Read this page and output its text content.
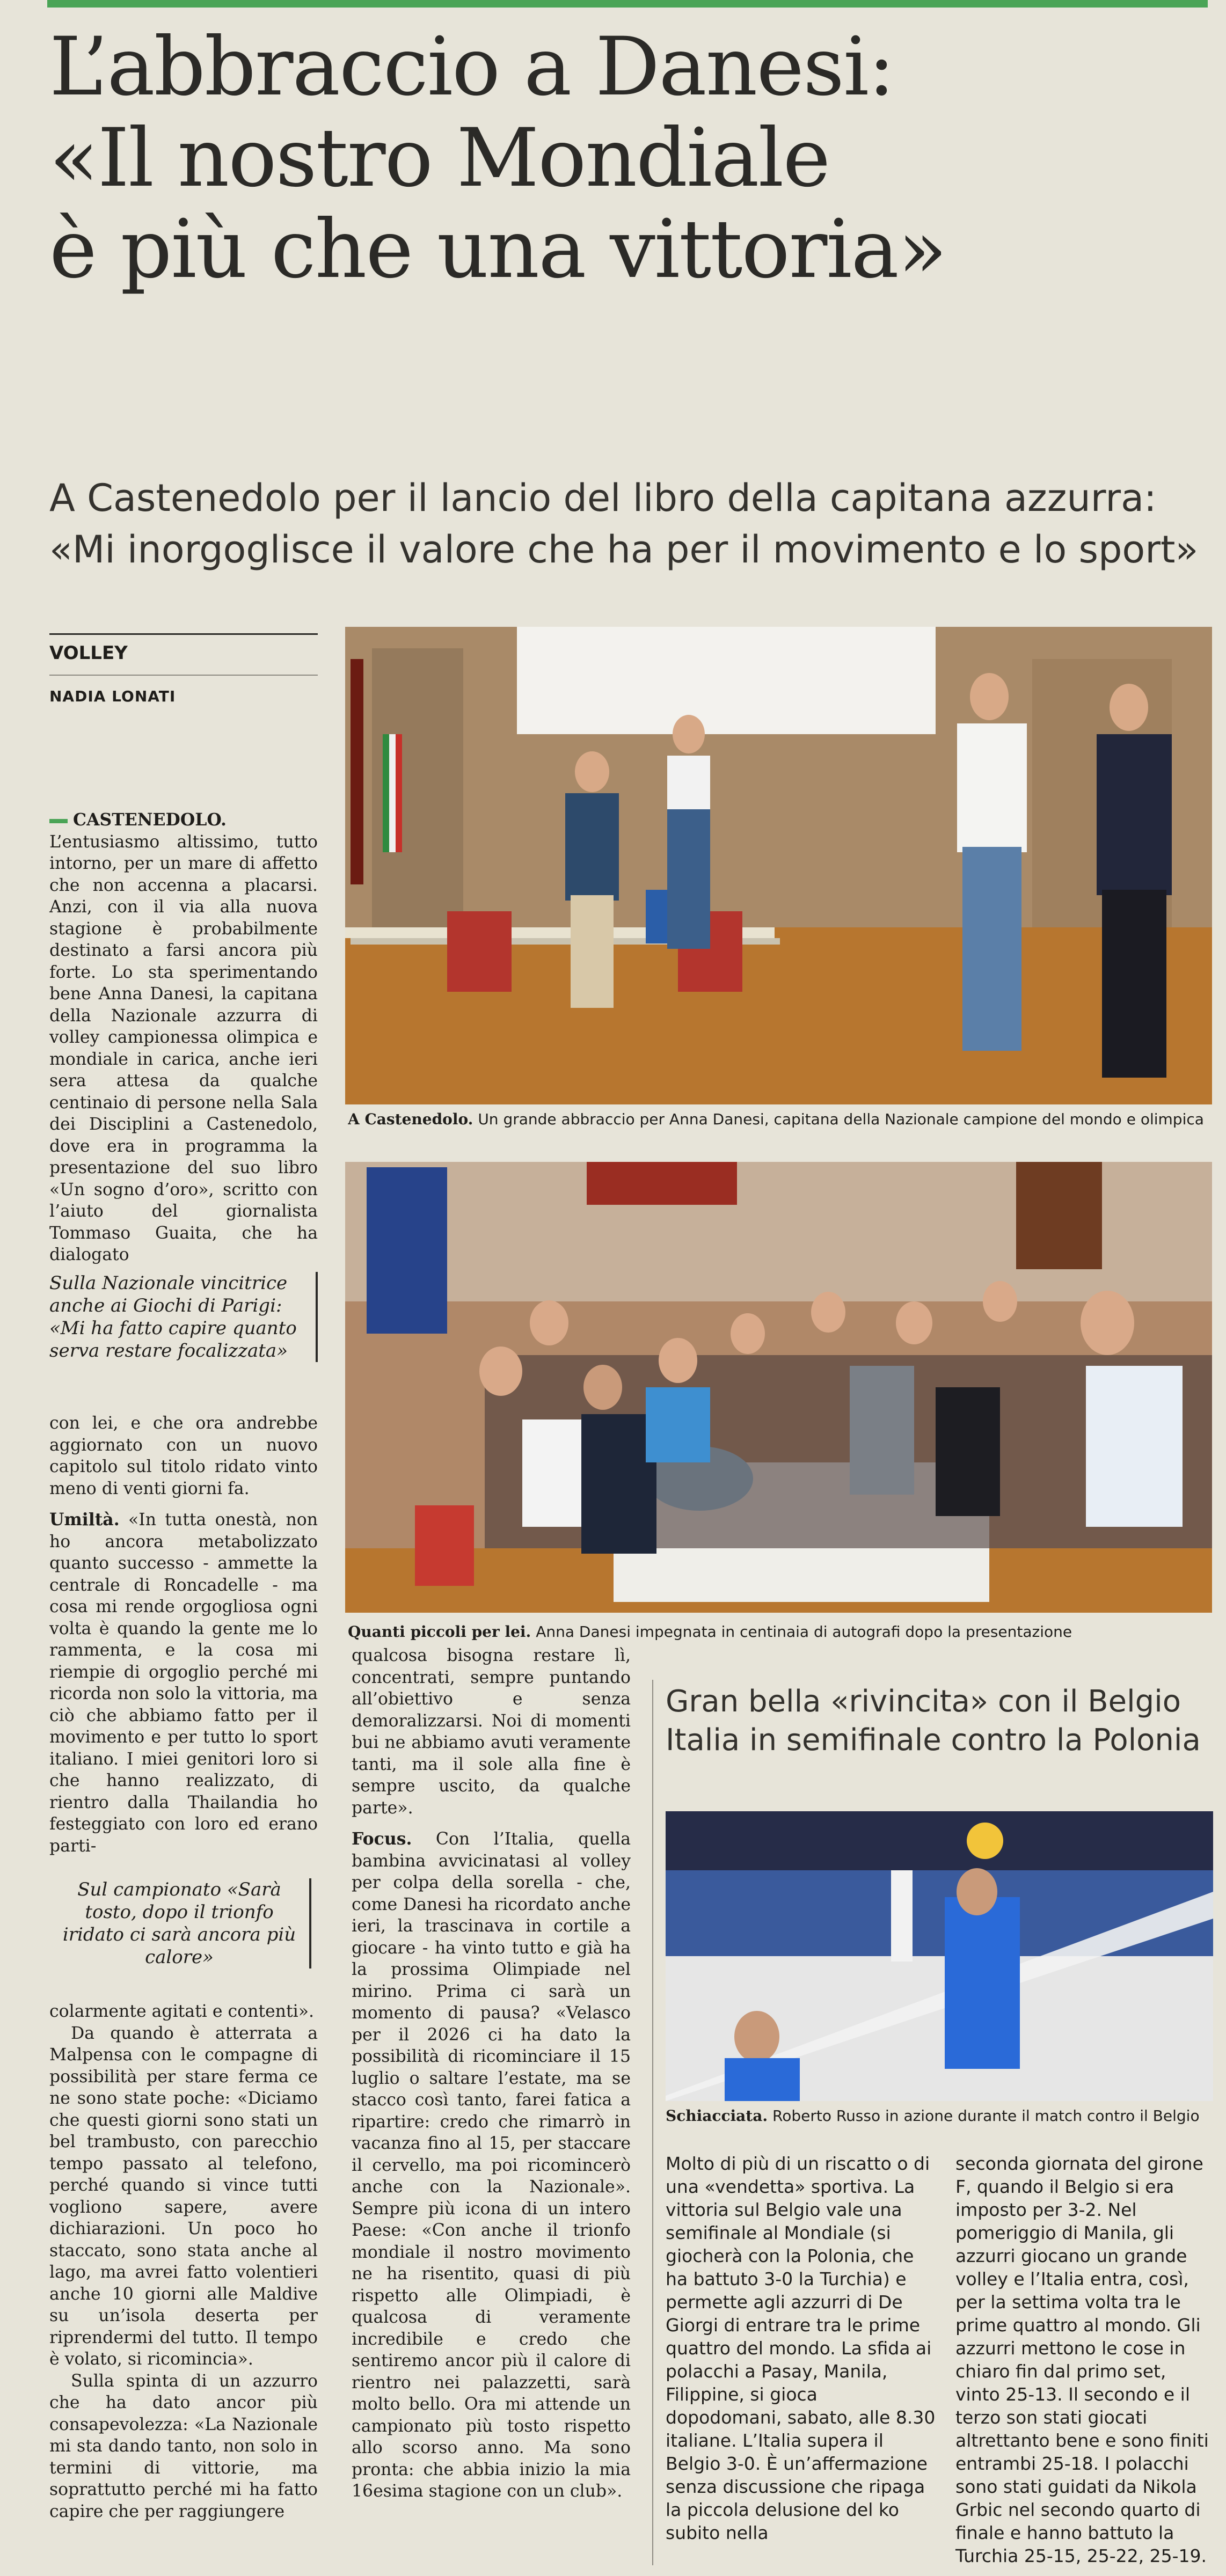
L’abbraccio a Danesi:
«Il nostro Mondiale
è più che una vittoria»
A Castenedolo per il lancio del libro della capitana azzurra:
«Mi inorgoglisce il valore che ha per il movimento e lo sport»
VOLLEY
NADIA LONATI

CASTENEDOLO. L’entusiasmo altissimo, tutto intorno, per un mare di affetto che non accenna a placarsi. Anzi, con il via alla nuova stagione è probabilmente destinato a farsi ancora più forte. Lo sta sperimentando bene Anna Danesi, la capitana della Nazionale azzurra di volley campionessa olimpica e mondiale in carica, anche ieri sera attesa da qualche centinaio di persone nella Sala dei Disciplini a Castenedolo, dove era in programma la presentazione del suo libro «Un sogno d’oro», scritto con l’aiuto del giornalista Tommaso Guaita, che ha dialogato

Sulla Nazionale vincitrice anche ai Giochi di Parigi: «Mi ha fatto capire quanto serva restare focalizzata»

con lei, e che ora andrebbe aggiornato con un nuovo capitolo sul titolo ridato vinto meno di venti giorni fa.

Umiltà. «In tutta onestà, non ho ancora metabolizzato quanto successo - ammette la centrale di Roncadelle - ma cosa mi rende orgogliosa ogni volta è quando la gente me lo rammenta, e la cosa mi riempie di orgoglio perché mi ricorda non solo la vittoria, ma ciò che abbiamo fatto per il movimento e per tutto lo sport italiano. I miei genitori loro si che hanno realizzato, di rientro dalla Thailandia ho festeggiato con loro ed erano parti-

Sul campionato «Sarà tosto, dopo il trionfo iridato ci sarà ancora più calore»

colarmente agitati e contenti».

Da quando è atterrata a Malpensa con le compagne di possibilità per stare ferma ce ne sono state poche: «Diciamo che questi giorni sono stati un bel trambusto, con parecchio tempo passato al telefono, perché quando si vince tutti vogliono sapere, avere dichiarazioni. Un poco ho staccato, sono stata anche al lago, ma avrei fatto volentieri anche 10 giorni alle Maldive su un’isola deserta per riprendermi del tutto. Il tempo è volato, si ricomincia».

Sulla spinta di un azzurro che ha dato ancor più consapevolezza: «La Nazionale mi sta dando tanto, non solo in termini di vittorie, ma soprattutto perché mi ha fatto capire che per raggiungere

qualcosa bisogna restare lì, concentrati, sempre puntando all’obiettivo e senza demoralizzarsi. Noi di momenti bui ne abbiamo avuti veramente tanti, ma il sole alla fine è sempre uscito, da qualche parte».

Focus. Con l’Italia, quella bambina avvicinatasi al volley per colpa della sorella - che, come Danesi ha ricordato anche ieri, la trascinava in cortile a giocare - ha vinto tutto e già ha la prossima Olimpiade nel mirino. Prima ci sarà un momento di pausa? «Velasco per il 2026 ci ha dato la possibilità di ricominciare il 15 luglio o saltare l’estate, ma se stacco così tanto, farei fatica a ripartire: credo che rimarrò in vacanza fino al 15, per staccare il cervello, ma poi ricomincerò anche con la Nazionale». Sempre più icona di un intero Paese: «Con anche il trionfo mondiale il nostro movimento ne ha risentito, quasi di più rispetto alle Olimpiadi, è qualcosa di veramente incredibile e credo che sentiremo ancor più il calore di rientro nei palazzetti, sarà molto bello. Ora mi attende un campionato più tosto rispetto allo scorso anno. Ma sono pronta: che abbia inizio la mia 16esima stagione con un club».

A Castenedolo. Un grande abbraccio per Anna Danesi, capitana della Nazionale campione del mondo e olimpica
Quanti piccoli per lei. Anna Danesi impegnata in centinaia di autografi dopo la presentazione
Gran bella «rivincita» con il Belgio
Italia in semifinale contro la Polonia
Schiacciata. Roberto Russo in azione durante il match contro il Belgio

Molto di più di un riscatto o di una «vendetta» sportiva. La vittoria sul Belgio vale una semifinale al Mondiale (si giocherà con la Polonia, che ha battuto 3-0 la Turchia) e permette agli azzurri di De Giorgi di entrare tra le prime quattro del mondo. La sfida ai polacchi a Pasay, Manila, Filippine, si gioca dopodomani, sabato, alle 8.30 italiane. L’Italia supera il Belgio 3-0. È un’affermazione senza discussione che ripaga la piccola delusione del ko subito nella

seconda giornata del girone F, quando il Belgio si era imposto per 3-2. Nel pomeriggio di Manila, gli azzurri giocano un grande volley e l’Italia entra, così, per la settima volta tra le prime quattro al mondo. Gli azzurri mettono le cose in chiaro fin dal primo set, vinto 25-13. Il secondo e il terzo son stati giocati altrettanto bene e sono finiti entrambi 25-18. I polacchi sono stati guidati da Nikola Grbic nel secondo quarto di finale e hanno battuto la Turchia 25-15, 25-22, 25-19.
